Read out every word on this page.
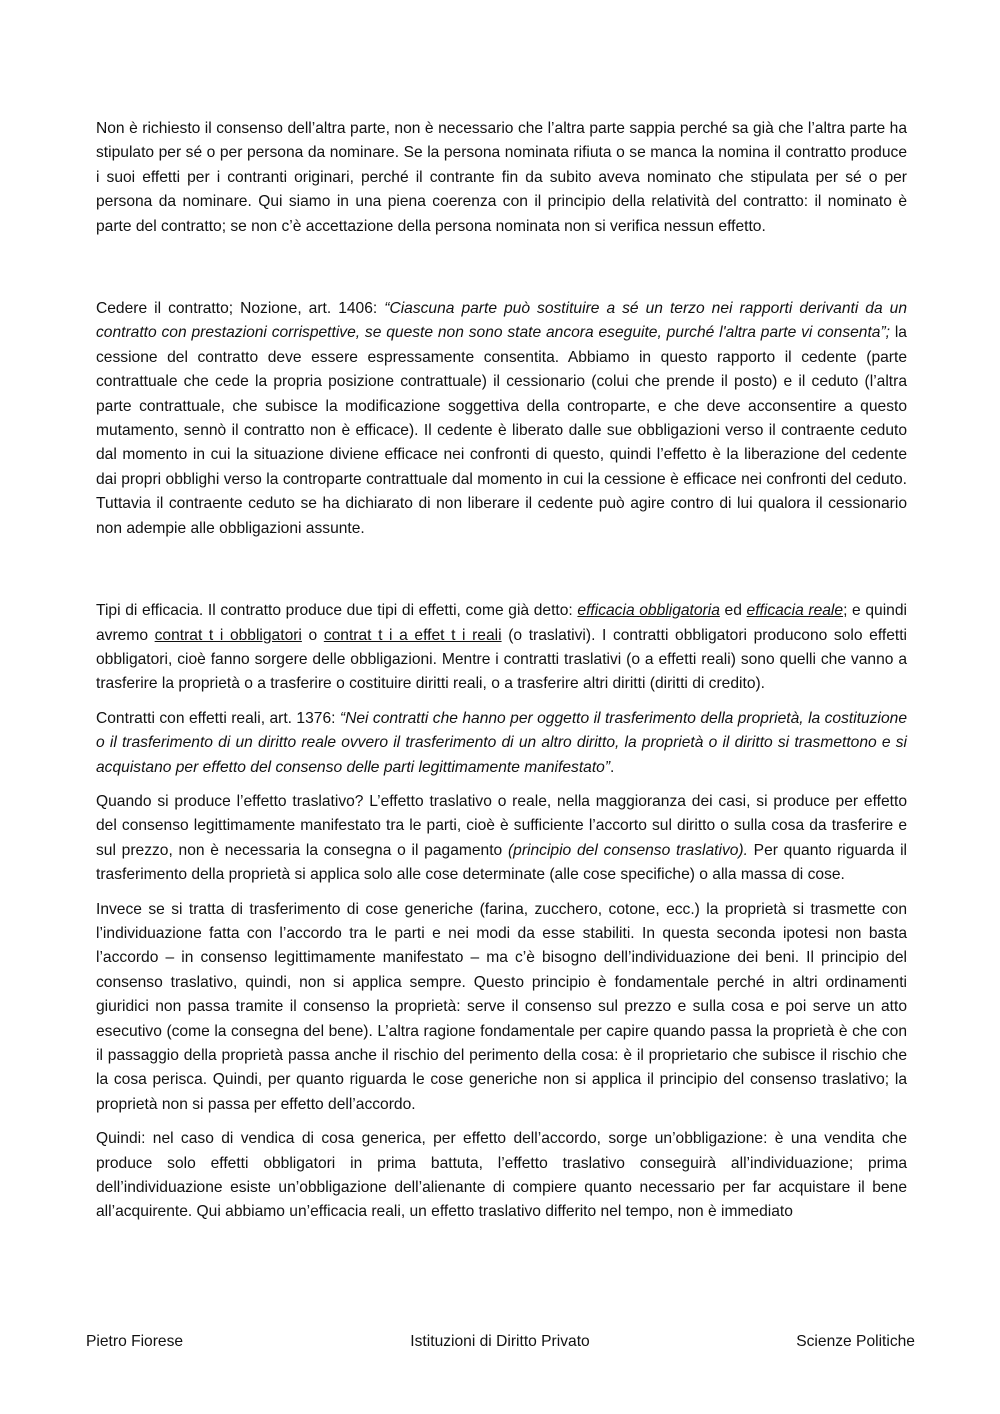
Non è richiesto il consenso dell’altra parte, non è necessario che l’altra parte sappia perché sa già che l’altra parte ha stipulato per sé o per persona da nominare. Se la persona nominata rifiuta o se manca la nomina il contratto produce i suoi effetti per i contranti originari, perché il contrante fin da subito aveva nominato che stipulata per sé o per persona da nominare. Qui siamo in una piena coerenza con il principio della relatività del contratto: il nominato è parte del contratto; se non c’è accettazione della persona nominata non si verifica nessun effetto.

Cedere il contratto; Nozione, art. 1406: “Ciascuna parte può sostituire a sé un terzo nei rapporti derivanti da un contratto con prestazioni corrispettive, se queste non sono state ancora eseguite, purché l'altra parte vi consenta”; la cessione del contratto deve essere espressamente consentita. Abbiamo in questo rapporto il cedente (parte contrattuale che cede la propria posizione contrattuale) il cessionario (colui che prende il posto) e il ceduto (l’altra parte contrattuale, che subisce la modificazione soggettiva della controparte, e che deve acconsentire a questo mutamento, sennò il contratto non è efficace). Il cedente è liberato dalle sue obbligazioni verso il contraente ceduto dal momento in cui la situazione diviene efficace nei confronti di questo, quindi l’effetto è la liberazione del cedente dai propri obblighi verso la controparte contrattuale dal momento in cui la cessione è efficace nei confronti del ceduto. Tuttavia il contraente ceduto se ha dichiarato di non liberare il cedente può agire contro di lui qualora il cessionario non adempie alle obbligazioni assunte.

Tipi di efficacia. Il contratto produce due tipi di effetti, come già detto: efficacia obbligatoria ed efficacia reale; e quindi avremo contrat t i obbligatori o contrat t i a effet t i reali (o traslativi). I contratti obbligatori producono solo effetti obbligatori, cioè fanno sorgere delle obbligazioni. Mentre i contratti traslativi (o a effetti reali) sono quelli che vanno a trasferire la proprietà o a trasferire o costituire diritti reali, o a trasferire altri diritti (diritti di credito).

Contratti con effetti reali, art. 1376: “Nei contratti che hanno per oggetto il trasferimento della proprietà, la costituzione o il trasferimento di un diritto reale ovvero il trasferimento di un altro diritto, la proprietà o il diritto si trasmettono e si acquistano per effetto del consenso delle parti legittimamente manifestato”.

Quando si produce l’effetto traslativo? L’effetto traslativo o reale, nella maggioranza dei casi, si produce per effetto del consenso legittimamente manifestato tra le parti, cioè è sufficiente l’accorto sul diritto o sulla cosa da trasferire e sul prezzo, non è necessaria la consegna o il pagamento (principio del consenso traslativo). Per quanto riguarda il trasferimento della proprietà si applica solo alle cose determinate (alle cose specifiche) o alla massa di cose.

Invece se si tratta di trasferimento di cose generiche (farina, zucchero, cotone, ecc.) la proprietà si trasmette con l’individuazione fatta con l’accordo tra le parti e nei modi da esse stabiliti. In questa seconda ipotesi non basta l’accordo – in consenso legittimamente manifestato – ma c’è bisogno dell’individuazione dei beni. Il principio del consenso traslativo, quindi, non si applica sempre. Questo principio è fondamentale perché in altri ordinamenti giuridici non passa tramite il consenso la proprietà: serve il consenso sul prezzo e sulla cosa e poi serve un atto esecutivo (come la consegna del bene). L’altra ragione fondamentale per capire quando passa la proprietà è che con il passaggio della proprietà passa anche il rischio del perimento della cosa: è il proprietario che subisce il rischio che la cosa perisca. Quindi, per quanto riguarda le cose generiche non si applica il principio del consenso traslativo; la proprietà non si passa per effetto dell’accordo.

Quindi: nel caso di vendica di cosa generica, per effetto dell’accordo, sorge un’obbligazione: è una vendita che produce solo effetti obbligatori in prima battuta, l’effetto traslativo conseguirà all’individuazione; prima dell’individuazione esiste un’obbligazione dell’alienante di compiere quanto necessario per far acquistare il bene all’acquirente. Qui abbiamo un’efficacia reali, un effetto traslativo differito nel tempo, non è immediato

Pietro Fiorese	Istituzioni di Diritto Privato	Scienze Politiche
